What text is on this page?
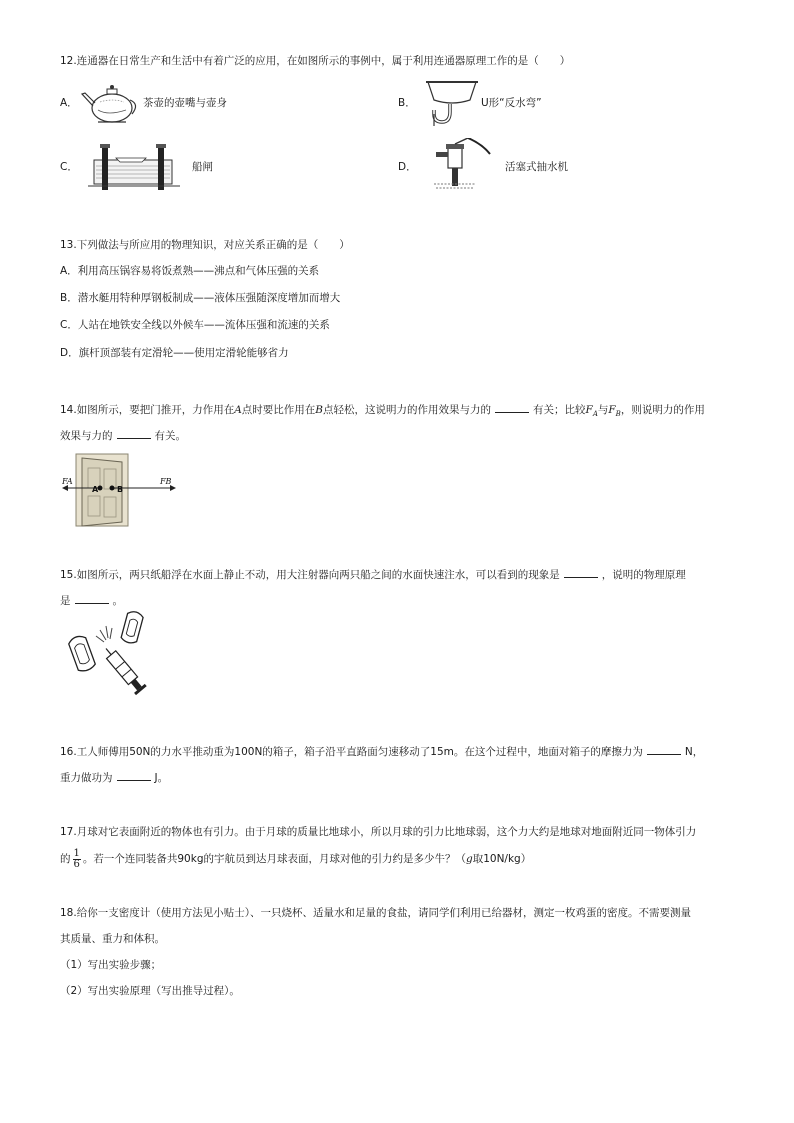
12.连通器在日常生产和生活中有着广泛的应用，在如图所示的事例中，属于利用连通器原理工作的是（　　）
A．	茶壶的壶嘴与壶身	B．	U形“反水弯”
C．	船闸	D．	活塞式抽水机
13.下列做法与所应用的物理知识，对应关系正确的是（　　）
A．利用高压锅容易将饭煮熟——沸点和气体压强的关系
B．潜水艇用特种厚钢板制成——液体压强随深度增加而增大
C．人站在地铁安全线以外候车——流体压强和流速的关系
D．旗杆顶部装有定滑轮——使用定滑轮能够省力
14.如图所示，要把门推开，力作用在A点时要比作用在B点轻松，这说明力的作用效果与力的	有关；比较$F_A$与$F_B$，则说明力的作用
效果与力的	有关。
FA	FB
A B
15.如图所示，两只纸船浮在水面上静止不动，用大注射器向两只船之间的水面快速注水，可以看到的现象是	，说明的物理原理
是	。
16.工人师傅用50N的力水平推动重为100N的箱子，箱子沿平直路面匀速移动了15m。在这个过程中，地面对箱子的摩擦力为	N，
重力做功为	J。
17.月球对它表面附近的物体也有引力。由于月球的质量比地球小，所以月球的引力比地球弱，这个力大约是地球对地面附近同一物体引力
的 $\frac{1}{6}$ 。若一个连同装备共90kg的宇航员到达月球表面，月球对他的引力约是多少牛？（g取10N/kg）
18.给你一支密度计（使用方法见小贴士）、一只烧杯、适量水和足量的食盐，请同学们利用已给器材，测定一枚鸡蛋的密度。不需要测量
其质量、重力和体积。
（1）写出实验步骤；
（2）写出实验原理（写出推导过程）。
